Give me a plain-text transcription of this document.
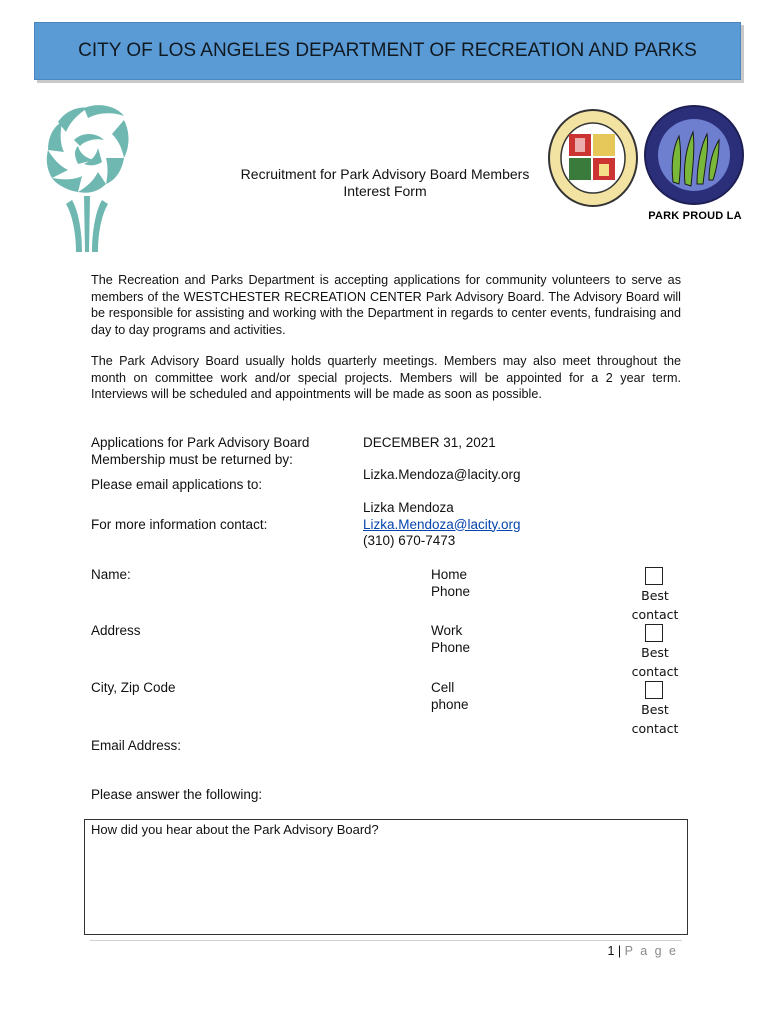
CITY OF LOS ANGELES DEPARTMENT OF RECREATION AND PARKS
Recruitment for Park Advisory Board Members
Interest Form
PARK PROUD LA
The Recreation and Parks Department is accepting applications for community volunteers to serve as members of the WESTCHESTER RECREATION CENTER Park Advisory Board. The Advisory Board will be responsible for assisting and working with the Department in regards to center events, fundraising and day to day programs and activities.
The Park Advisory Board usually holds quarterly meetings. Members may also meet throughout the month on committee work and/or special projects. Members will be appointed for a 2 year term. Interviews will be scheduled and appointments will be made as soon as possible.
Applications for Park Advisory Board
Membership must be returned by:
DECEMBER 31, 2021
Please email applications to:
Lizka.Mendoza@lacity.org
For more information contact:
Lizka Mendoza
Lizka.Mendoza@lacity.org
(310) 670-7473
Name:
Address
City, Zip Code
Email Address:
Home
Phone
Work
Phone
Cell
phone
Best
contact
Best
contact
Best
contact
Please answer the following:
How did you hear about the Park Advisory Board?
1 | P a g e
